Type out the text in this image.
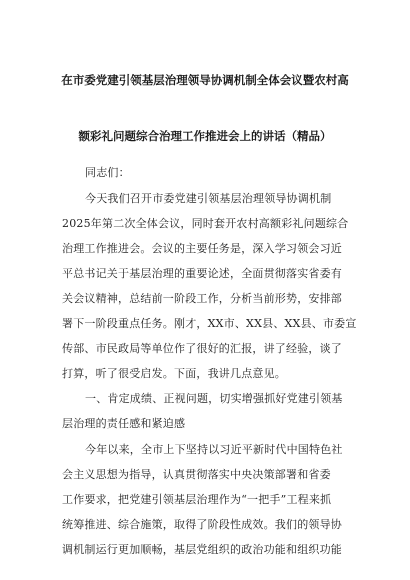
在市委党建引领基层治理领导协调机制全体会议暨农村高
额彩礼问题综合治理工作推进会上的讲话（精品）
同志们：
今天我们召开市委党建引领基层治理领导协调机制
2025年第二次全体会议，同时套开农村高额彩礼问题综合
治理工作推进会。会议的主要任务是，深入学习领会习近
平总书记关于基层治理的重要论述，全面贯彻落实省委有
关会议精神，总结前一阶段工作，分析当前形势，安排部
署下一阶段重点任务。刚才，XX市、XX县、XX县、市委宣
传部、市民政局等单位作了很好的汇报，讲了经验，谈了
打算，听了很受启发。下面，我讲几点意见。
一、肯定成绩、正视问题，切实增强抓好党建引领基
层治理的责任感和紧迫感
今年以来，全市上下坚持以习近平新时代中国特色社
会主义思想为指导，认真贯彻落实中央决策部署和省委
工作要求，把党建引领基层治理作为“一把手”工程来抓
统筹推进、综合施策，取得了阶段性成效。我们的领导协
调机制运行更加顺畅，基层党组织的政治功能和组织功能
